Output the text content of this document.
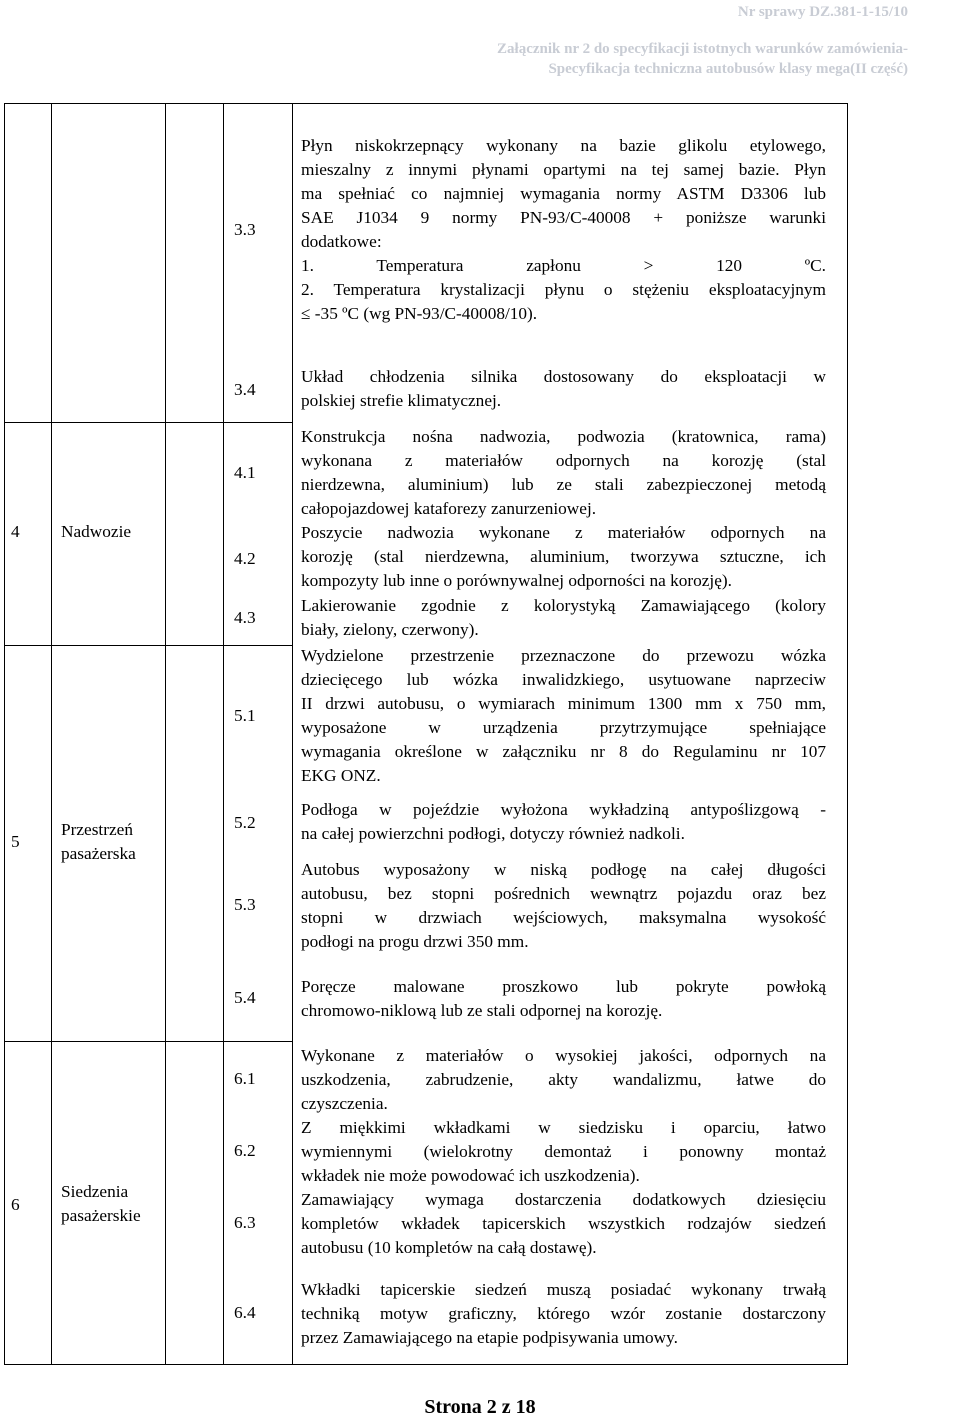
Nr sprawy DZ.381-1-15/10
Załącznik nr 2 do specyfikacji istotnych warunków zamówienia-
Specyfikacja techniczna autobusów klasy mega(II część)
3.3
Płyn niskokrzepnący wykonany na bazie glikolu etylowego,
mieszalny z innymi płynami opartymi na tej samej bazie. Płyn
ma spełniać co najmniej wymagania normy ASTM D3306 lub
SAE J1034 9 normy PN-93/C-40008 + poniższe warunki
dodatkowe:
1. Temperatura zapłonu > 120 ºC.
2. Temperatura krystalizacji płynu o stężeniu eksploatacyjnym
≤ -35 ºC (wg PN-93/C-40008/10).
3.4
Układ chłodzenia silnika dostosowany do eksploatacji w
polskiej strefie klimatycznej.
4 Nadwozie
4.1
Konstrukcja nośna nadwozia, podwozia (kratownica, rama)
wykonana z materiałów odpornych na korozję (stal
nierdzewna, aluminium) lub ze stali zabezpieczonej metodą
całopojazdowej kataforezy zanurzeniowej.
4.2
Poszycie nadwozia wykonane z materiałów odpornych na
korozję (stal nierdzewna, aluminium, tworzywa sztuczne, ich
kompozyty lub inne o porównywalnej odporności na korozję).
4.3
Lakierowanie zgodnie z kolorystyką Zamawiającego (kolory
biały, zielony, czerwony).
5
Przestrzeń
pasażerska
5.1
Wydzielone przestrzenie przeznaczone do przewozu wózka
dziecięcego lub wózka inwalidzkiego, usytuowane naprzeciw
II drzwi autobusu, o wymiarach minimum 1300 mm x 750 mm,
wyposażone w urządzenia przytrzymujące spełniające
wymagania określone w załączniku nr 8 do Regulaminu nr 107
EKG ONZ.
5.2
Podłoga w pojeździe wyłożona wykładziną antypoślizgową -
na całej powierzchni podłogi, dotyczy również nadkoli.
5.3
Autobus wyposażony w niską podłogę na całej długości
autobusu, bez stopni pośrednich wewnątrz pojazdu oraz bez
stopni w drzwiach wejściowych, maksymalna wysokość
podłogi na progu drzwi 350 mm.
5.4
Poręcze malowane proszkowo lub pokryte powłoką
chromowo-niklową lub ze stali odpornej na korozję.
6
Siedzenia
pasażerskie
6.1
Wykonane z materiałów o wysokiej jakości, odpornych na
uszkodzenia, zabrudzenie, akty wandalizmu, łatwe do
czyszczenia.
6.2
Z miękkimi wkładkami w siedzisku i oparciu, łatwo
wymiennymi (wielokrotny demontaż i ponowny montaż
wkładek nie może powodować ich uszkodzenia).
6.3
Zamawiający wymaga dostarczenia dodatkowych dziesięciu
kompletów wkładek tapicerskich wszystkich rodzajów siedzeń
autobusu (10 kompletów na całą dostawę).
6.4
Wkładki tapicerskie siedzeń muszą posiadać wykonany trwałą
techniką motyw graficzny, którego wzór zostanie dostarczony
przez Zamawiającego na etapie podpisywania umowy.
Strona 2 z 18
